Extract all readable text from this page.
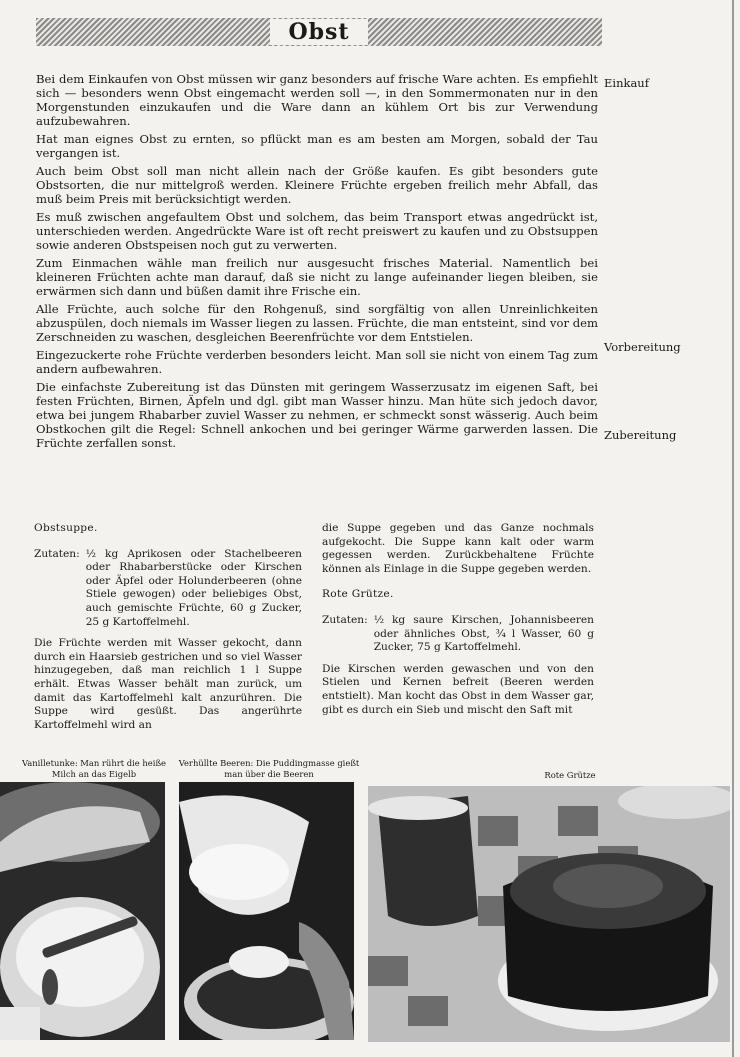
Obst

Bei dem Einkaufen von Obst müssen wir ganz besonders auf frische Ware achten. Es empfiehlt sich — besonders wenn Obst eingemacht werden soll —, in den Sommermonaten nur in den Morgenstunden einzukaufen und die Ware dann an kühlem Ort bis zur Verwendung aufzubewahren.

Hat man eignes Obst zu ernten, so pflückt man es am besten am Morgen, sobald der Tau vergangen ist.

Auch beim Obst soll man nicht allein nach der Größe kaufen. Es gibt besonders gute Obstsorten, die nur mittelgroß werden. Kleinere Früchte ergeben freilich mehr Abfall, das muß beim Preis mit berücksichtigt werden.

Es muß zwischen angefaultem Obst und solchem, das beim Transport etwas angedrückt ist, unterschieden werden. Angedrückte Ware ist oft recht preiswert zu kaufen und zu Obstsuppen sowie anderen Obstspeisen noch gut zu verwerten.

Zum Einmachen wähle man freilich nur ausgesucht frisches Material. Namentlich bei kleineren Früchten achte man darauf, daß sie nicht zu lange aufeinander liegen bleiben, sie erwärmen sich dann und büßen damit ihre Frische ein.

Alle Früchte, auch solche für den Rohgenuß, sind sorgfältig von allen Unreinlichkeiten abzuspülen, doch niemals im Wasser liegen zu lassen. Früchte, die man entsteint, sind vor dem Zerschneiden zu waschen, desgleichen Beerenfrüchte vor dem Entstielen.

Eingezuckerte rohe Früchte verderben besonders leicht. Man soll sie nicht von einem Tag zum andern aufbewahren.

Die einfachste Zubereitung ist das Dünsten mit geringem Wasserzusatz im eigenen Saft, bei festen Früchten, Birnen, Äpfeln und dgl. gibt man Wasser hinzu. Man hüte sich jedoch davor, etwa bei jungem Rhabarber zuviel Wasser zu nehmen, er schmeckt sonst wässerig. Auch beim Obstkochen gilt die Regel: Schnell ankochen und bei geringer Wärme garwerden lassen. Die Früchte zerfallen sonst.

Einkauf
Vorbereitung
Zubereitung
Obstsuppe.
Zutaten: ½ kg Aprikosen oder Stachelbeeren oder Rhabarberstücke oder Kirschen oder Äpfel oder Holunderbeeren (ohne Stiele gewogen) oder beliebiges Obst, auch gemischte Früchte, 60 g Zucker, 25 g Kartoffelmehl.

Die Früchte werden mit Wasser gekocht, dann durch ein Haarsieb gestrichen und so viel Wasser hinzugegeben, daß man reichlich 1 l Suppe erhält. Etwas Wasser behält man zurück, um damit das Kartoffelmehl kalt anzurühren. Die Suppe wird gesüßt. Das angerührte Kartoffelmehl wird an

die Suppe gegeben und das Ganze nochmals aufgekocht. Die Suppe kann kalt oder warm gegessen werden. Zurückbehaltene Früchte können als Einlage in die Suppe gegeben werden.

Rote Grütze.
Zutaten: ½ kg saure Kirschen, Johannisbeeren oder ähnliches Obst, ¾ l Wasser, 60 g Zucker, 75 g Kartoffelmehl.

Die Kirschen werden gewaschen und von den Stielen und Kernen befreit (Beeren werden entstielt). Man kocht das Obst in dem Wasser gar, gibt es durch ein Sieb und mischt den Saft mit

Vanilletunke: Man rührt die heiße Milch an das Eigelb
Verhüllte Beeren: Die Puddingmasse gießt man über die Beeren	Rote Grütze
